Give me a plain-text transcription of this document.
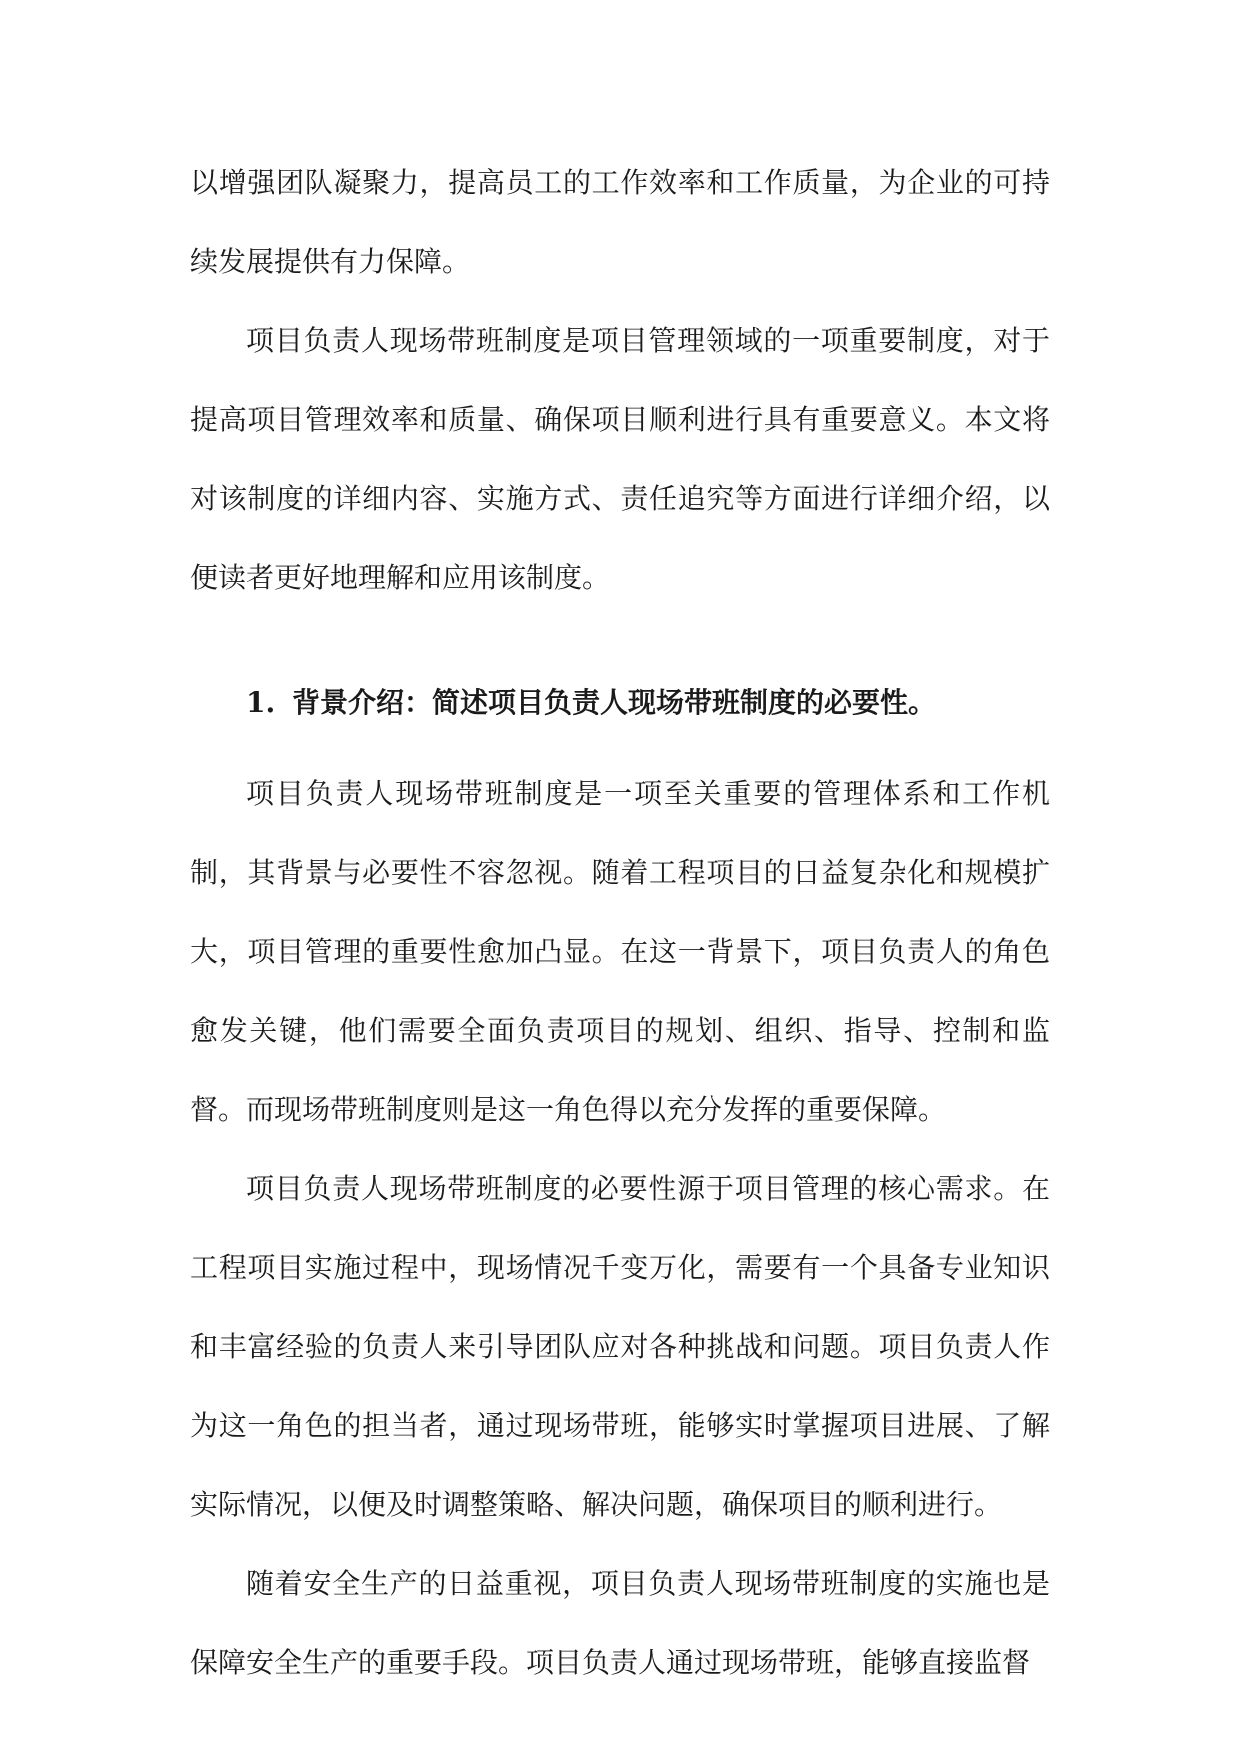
以增强团队凝聚力，提高员工的工作效率和工作质量，为企业的可持续发展提供有力保障。

项目负责人现场带班制度是项目管理领域的一项重要制度，对于提高项目管理效率和质量、确保项目顺利进行具有重要意义。本文将对该制度的详细内容、实施方式、责任追究等方面进行详细介绍，以便读者更好地理解和应用该制度。

1. 背景介绍：简述项目负责人现场带班制度的必要性。

项目负责人现场带班制度是一项至关重要的管理体系和工作机制，其背景与必要性不容忽视。随着工程项目的日益复杂化和规模扩大，项目管理的重要性愈加凸显。在这一背景下，项目负责人的角色愈发关键，他们需要全面负责项目的规划、组织、指导、控制和监督。而现场带班制度则是这一角色得以充分发挥的重要保障。

项目负责人现场带班制度的必要性源于项目管理的核心需求。在工程项目实施过程中，现场情况千变万化，需要有一个具备专业知识和丰富经验的负责人来引导团队应对各种挑战和问题。项目负责人作为这一角色的担当者，通过现场带班，能够实时掌握项目进展、了解实际情况，以便及时调整策略、解决问题，确保项目的顺利进行。

随着安全生产的日益重视，项目负责人现场带班制度的实施也是保障安全生产的重要手段。项目负责人通过现场带班，能够直接监督
